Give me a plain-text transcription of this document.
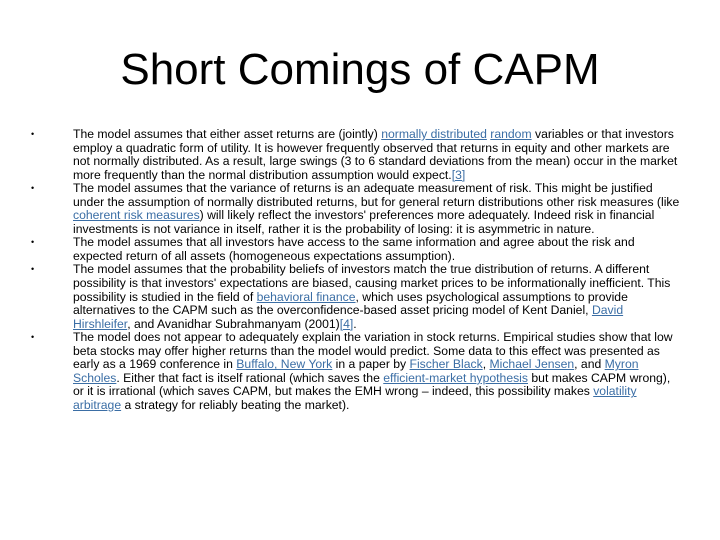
Short Comings of CAPM
•	The model assumes that either asset returns are (jointly) normally distributed random variables or that investors employ a quadratic form of utility. It is however frequently observed that returns in equity and other markets are not normally distributed. As a result, large swings (3 to 6 standard deviations from the mean) occur in the market more frequently than the normal distribution assumption would expect.[3]
•	The model assumes that the variance of returns is an adequate measurement of risk. This might be justified under the assumption of normally distributed returns, but for general return distributions other risk measures (like coherent risk measures) will likely reflect the investors' preferences more adequately. Indeed risk in financial investments is not variance in itself, rather it is the probability of losing: it is asymmetric in nature.
•	The model assumes that all investors have access to the same information and agree about the risk and expected return of all assets (homogeneous expectations assumption).
•	The model assumes that the probability beliefs of investors match the true distribution of returns. A different possibility is that investors' expectations are biased, causing market prices to be informationally inefficient. This possibility is studied in the field of behavioral finance, which uses psychological assumptions to provide alternatives to the CAPM such as the overconfidence-based asset pricing model of Kent Daniel, David Hirshleifer, and Avanidhar Subrahmanyam (2001)[4].
•	The model does not appear to adequately explain the variation in stock returns. Empirical studies show that low beta stocks may offer higher returns than the model would predict. Some data to this effect was presented as early as a 1969 conference in Buffalo, New York in a paper by Fischer Black, Michael Jensen, and Myron Scholes. Either that fact is itself rational (which saves the efficient-market hypothesis but makes CAPM wrong), or it is irrational (which saves CAPM, but makes the EMH wrong – indeed, this possibility makes volatility arbitrage a strategy for reliably beating the market).
